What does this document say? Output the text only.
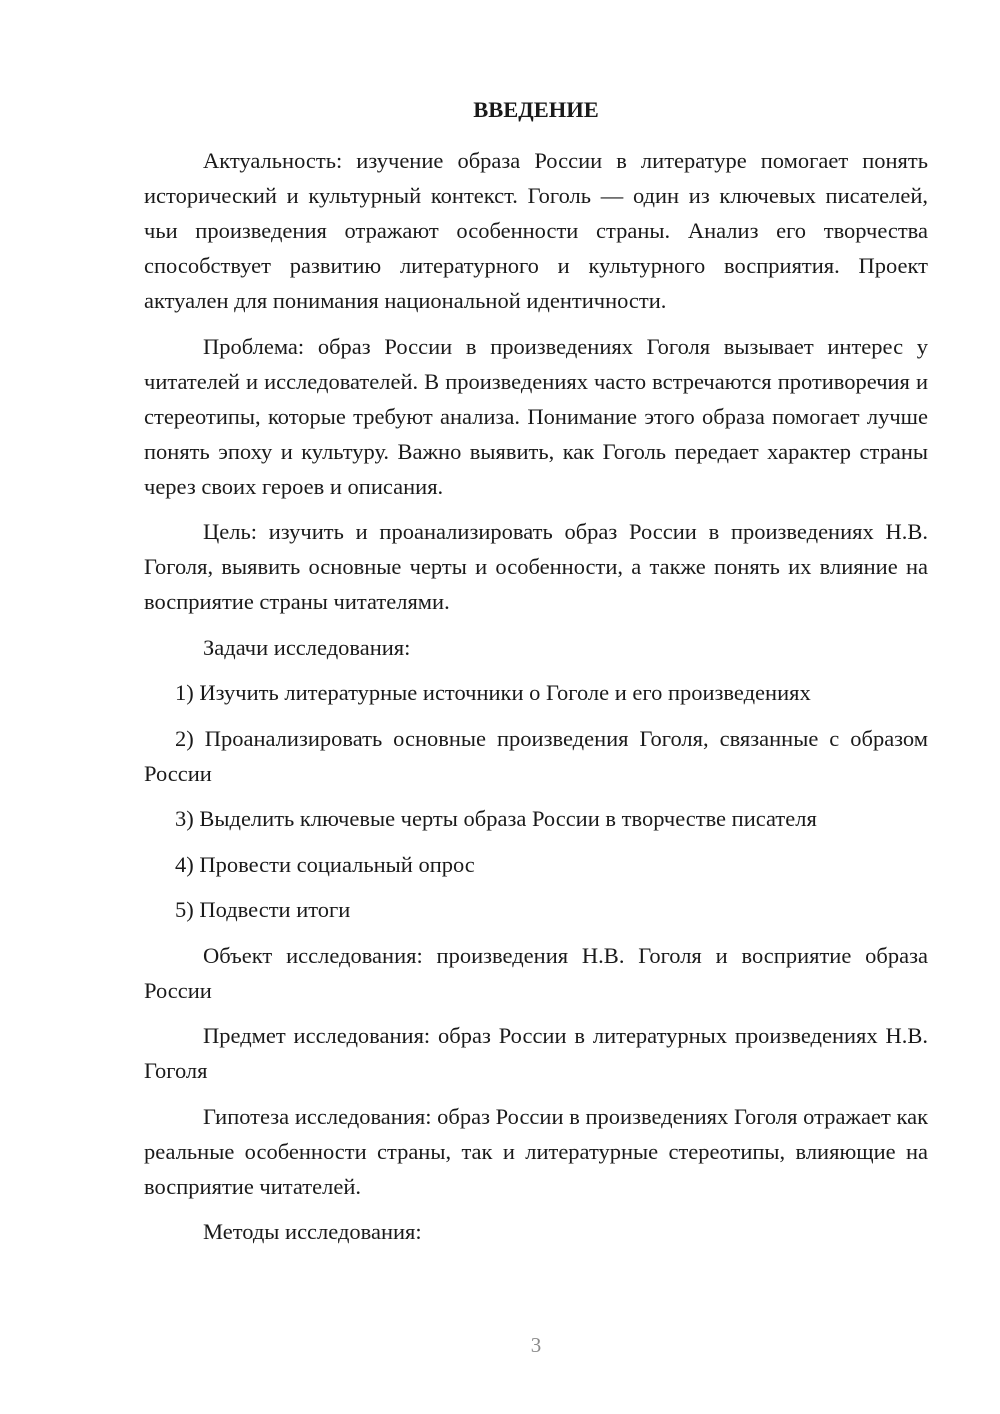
ВВЕДЕНИЕ

Актуальность: изучение образа России в литературе помогает понять исторический и культурный контекст. Гоголь — один из ключевых писателей, чьи произведения отражают особенности страны. Анализ его творчества способствует развитию литературного и культурного восприятия. Проект актуален для понимания национальной идентичности.

Проблема: образ России в произведениях Гоголя вызывает интерес у читателей и исследователей. В произведениях часто встречаются противоречия и стереотипы, которые требуют анализа. Понимание этого образа помогает лучше понять эпоху и культуру. Важно выявить, как Гоголь передает характер страны через своих героев и описания.

Цель: изучить и проанализировать образ России в произведениях Н.В. Гоголя, выявить основные черты и особенности, а также понять их влияние на восприятие страны читателями.

Задачи исследования:

1) Изучить литературные источники о Гоголе и его произведениях

2) Проанализировать основные произведения Гоголя, связанные с образом России

3) Выделить ключевые черты образа России в творчестве писателя

4) Провести социальный опрос

5) Подвести итоги

Объект исследования: произведения Н.В. Гоголя и восприятие образа России

Предмет исследования: образ России в литературных произведениях Н.В. Гоголя

Гипотеза исследования: образ России в произведениях Гоголя отражает как реальные особенности страны, так и литературные стереотипы, влияющие на восприятие читателей.

Методы исследования:

3
